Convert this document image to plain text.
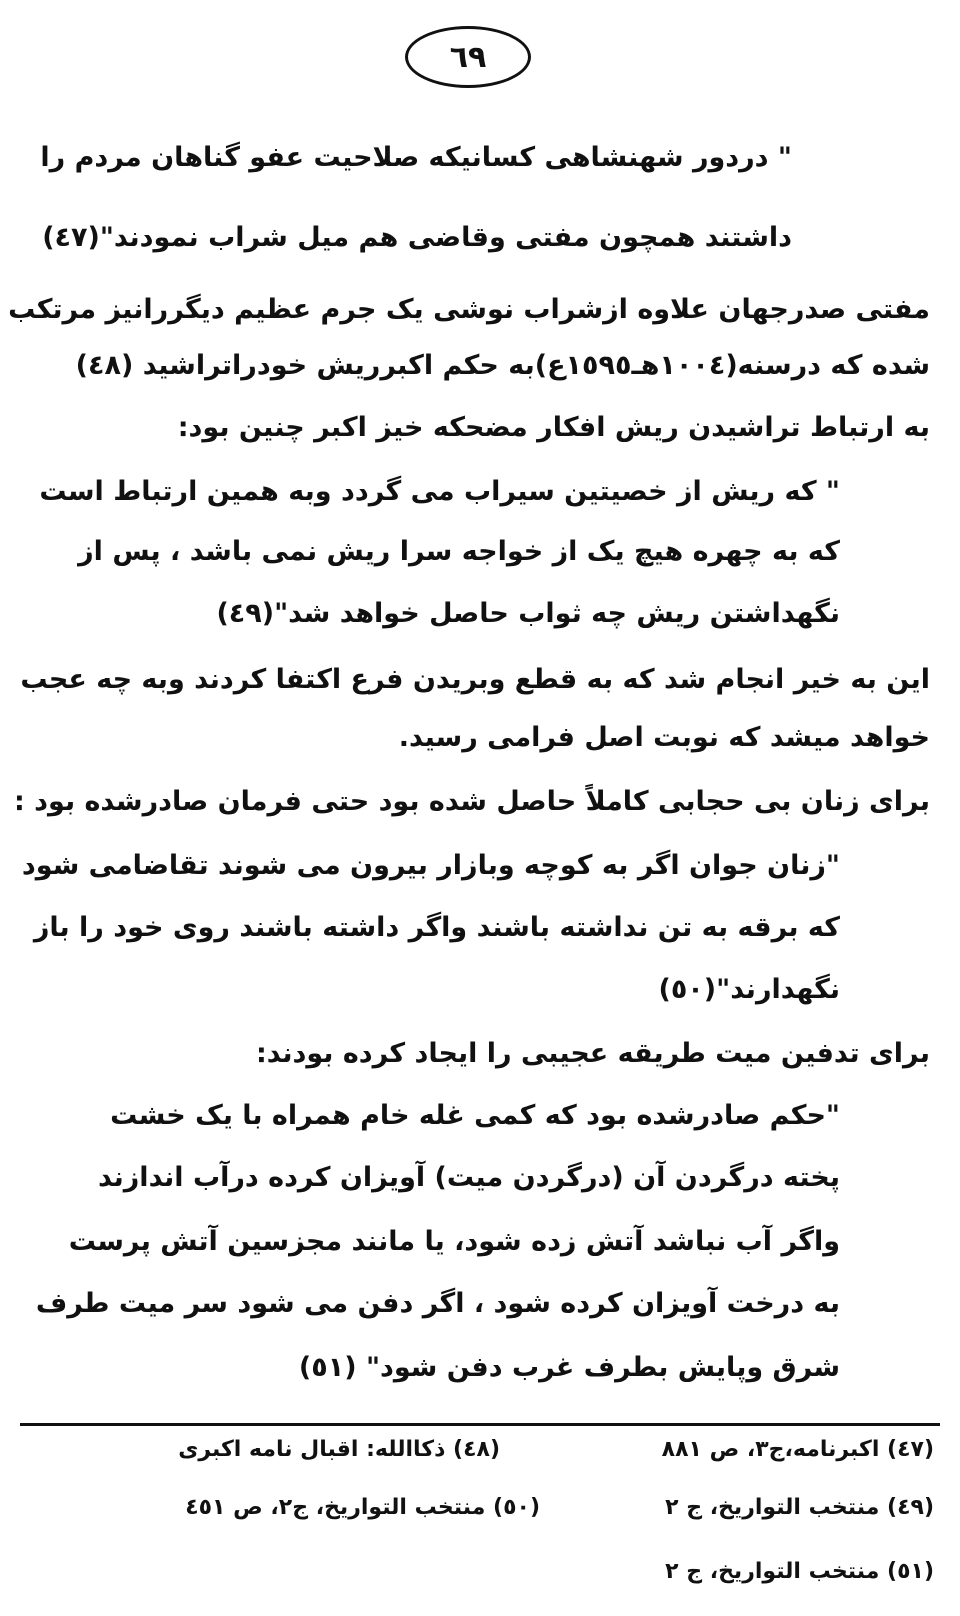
٦٩
" دردور شهنشاهی کسانیکه صلاحیت عفو گناهان مردم را
داشتند همچون مفتی وقاضی هم میل شراب نمودند"(٤٧)
مفتی صدرجهان علاوه ازشراب نوشی یک جرم عظیم دیگررانیز مرتکب
شده که درسنه(١٠٠٤هـ١٥٩٥ع)به حکم اکبرریش خودراتراشید (٤٨)
به ارتباط تراشیدن ریش افکار مضحکه خیز اکبر چنین بود:
" که ریش از خصیتین سیراب می گردد وبه همین ارتباط است
که به چهره هیچ یک از خواجه سرا ریش نمی باشد ، پس از
نگهداشتن ریش چه ثواب حاصل خواهد شد"(٤٩)
این به خیر انجام شد که به قطع وبریدن فرع اکتفا کردند وبه چه عجب
خواهد میشد که نوبت اصل فرامی رسید.
برای زنان بی حجابی کاملاً حاصل شده بود حتی فرمان صادرشده بود :
"زنان جوان اگر به کوچه وبازار بیرون می شوند تقاضامی شود
که برقه به تن نداشته باشند واگر داشته باشند روی خود را باز
نگهدارند"(٥٠)
برای تدفین میت طریقه عجیبی را ایجاد کرده بودند:
"حکم صادرشده بود که کمی غله خام همراه با یک خشت
پخته درگردن آن (درگردن میت) آویزان کرده درآب اندازند
واگر آب نباشد آتش زده شود، یا مانند مجزسین آتش پرست
به درخت آویزان کرده شود ، اگر دفن می شود سر میت طرف
شرق وپایش بطرف غرب دفن شود" (٥١)
(٤٧) اکبرنامه،ج٣، ص ٨٨١
(٤٨) ذکاالله: اقبال نامه اکبری
(٤٩) منتخب التواریخ، ج ٢
(٥٠) منتخب التواریخ، ج٢، ص ٤٥١
(٥١) منتخب التواریخ، ج ٢
